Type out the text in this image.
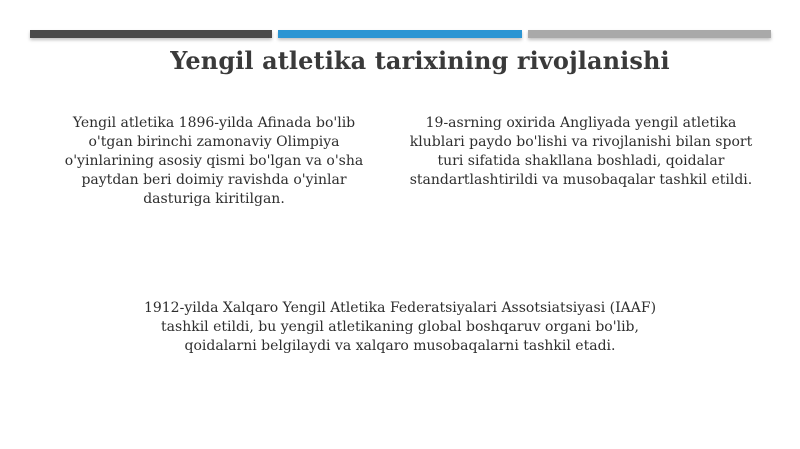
Yengil atletika tarixining rivojlanishi
Yengil atletika 1896-yilda Afinada bo'lib
o'tgan birinchi zamonaviy Olimpiya
o'yinlarining asosiy qismi bo'lgan va o'sha
paytdan beri doimiy ravishda o'yinlar
dasturiga kiritilgan.
19-asrning oxirida Angliyada yengil atletika
klublari paydo bo'lishi va rivojlanishi bilan sport
turi sifatida shakllana boshladi, qoidalar
standartlashtirildi va musobaqalar tashkil etildi.
1912-yilda Xalqaro Yengil Atletika Federatsiyalari Assotsiatsiyasi (IAAF)
tashkil etildi, bu yengil atletikaning global boshqaruv organi bo'lib,
qoidalarni belgilaydi va xalqaro musobaqalarni tashkil etadi.
